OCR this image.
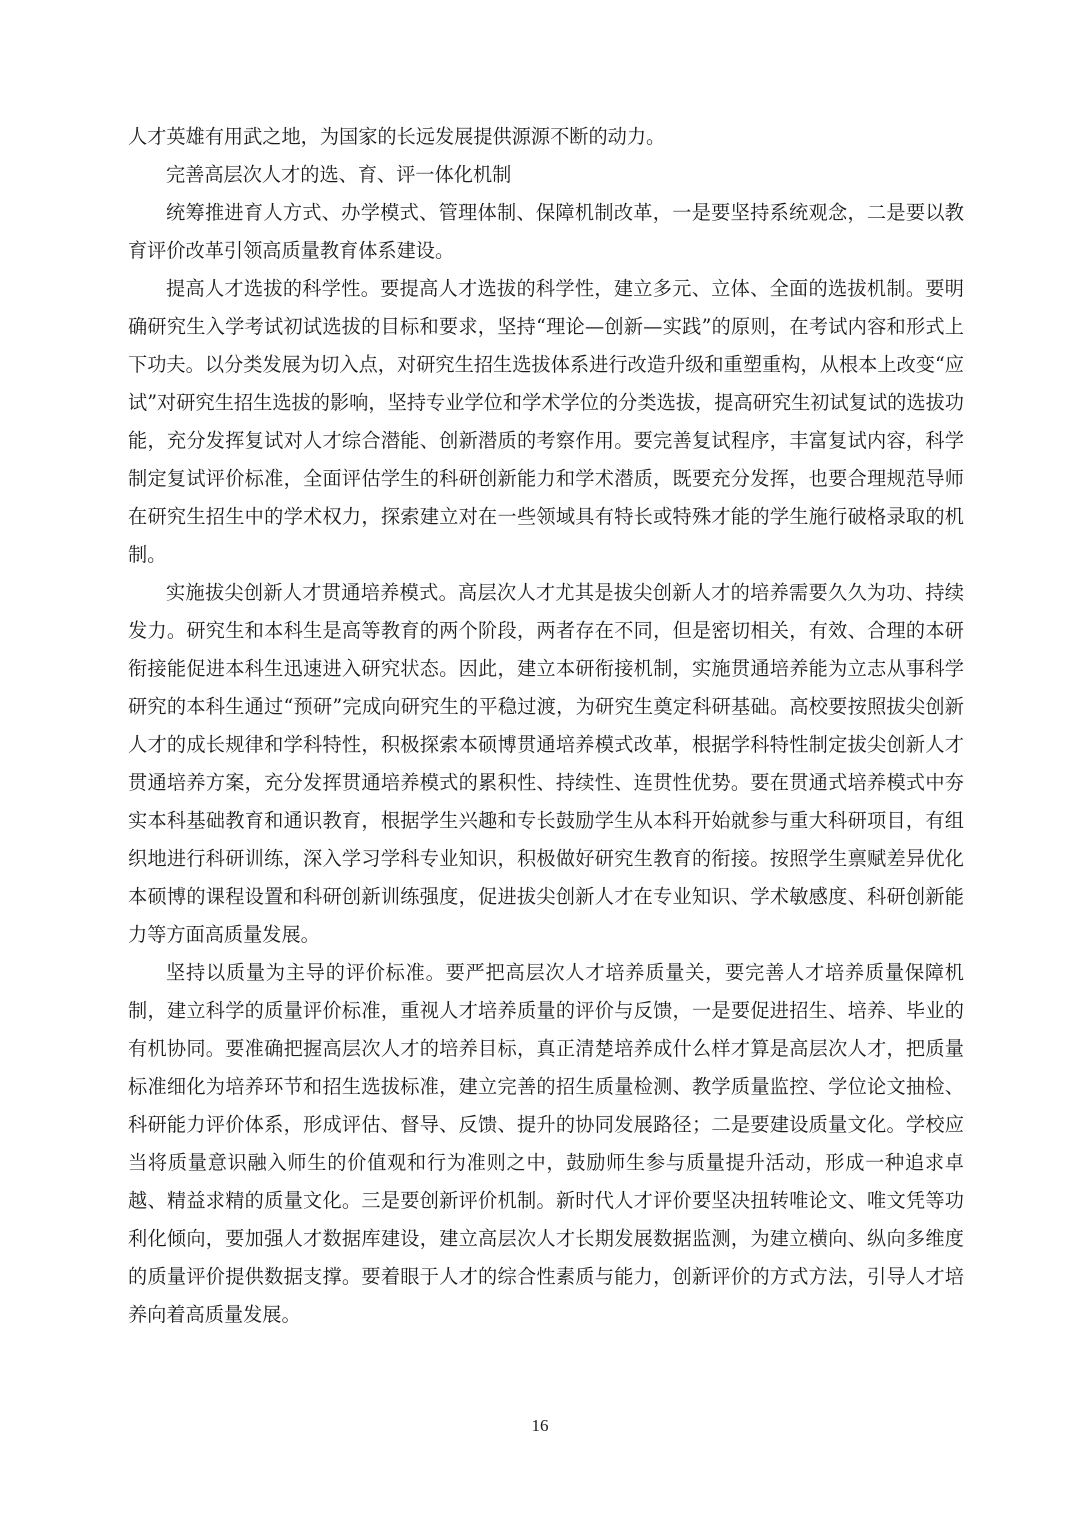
人才英雄有用武之地，为国家的长远发展提供源源不断的动力。

完善高层次人才的选、育、评一体化机制

统筹推进育人方式、办学模式、管理体制、保障机制改革，一是要坚持系统观念，二是要以教育评价改革引领高质量教育体系建设。

提高人才选拔的科学性。要提高人才选拔的科学性，建立多元、立体、全面的选拔机制。要明确研究生入学考试初试选拔的目标和要求，坚持“理论—创新—实践”的原则，在考试内容和形式上下功夫。以分类发展为切入点，对研究生招生选拔体系进行改造升级和重塑重构，从根本上改变“应试”对研究生招生选拔的影响，坚持专业学位和学术学位的分类选拔，提高研究生初试复试的选拔功能，充分发挥复试对人才综合潜能、创新潜质的考察作用。要完善复试程序，丰富复试内容，科学制定复试评价标准，全面评估学生的科研创新能力和学术潜质，既要充分发挥，也要合理规范导师在研究生招生中的学术权力，探索建立对在一些领域具有特长或特殊才能的学生施行破格录取的机制。

实施拔尖创新人才贯通培养模式。高层次人才尤其是拔尖创新人才的培养需要久久为功、持续发力。研究生和本科生是高等教育的两个阶段，两者存在不同，但是密切相关，有效、合理的本研衔接能促进本科生迅速进入研究状态。因此，建立本研衔接机制，实施贯通培养能为立志从事科学研究的本科生通过“预研”完成向研究生的平稳过渡，为研究生奠定科研基础。高校要按照拔尖创新人才的成长规律和学科特性，积极探索本硕博贯通培养模式改革，根据学科特性制定拔尖创新人才贯通培养方案，充分发挥贯通培养模式的累积性、持续性、连贯性优势。要在贯通式培养模式中夯实本科基础教育和通识教育，根据学生兴趣和专长鼓励学生从本科开始就参与重大科研项目，有组织地进行科研训练，深入学习学科专业知识，积极做好研究生教育的衔接。按照学生禀赋差异优化本硕博的课程设置和科研创新训练强度，促进拔尖创新人才在专业知识、学术敏感度、科研创新能力等方面高质量发展。

坚持以质量为主导的评价标准。要严把高层次人才培养质量关，要完善人才培养质量保障机制，建立科学的质量评价标准，重视人才培养质量的评价与反馈，一是要促进招生、培养、毕业的有机协同。要准确把握高层次人才的培养目标，真正清楚培养成什么样才算是高层次人才，把质量标准细化为培养环节和招生选拔标准，建立完善的招生质量检测、教学质量监控、学位论文抽检、科研能力评价体系，形成评估、督导、反馈、提升的协同发展路径；二是要建设质量文化。学校应当将质量意识融入师生的价值观和行为准则之中，鼓励师生参与质量提升活动，形成一种追求卓越、精益求精的质量文化。三是要创新评价机制。新时代人才评价要坚决扭转唯论文、唯文凭等功利化倾向，要加强人才数据库建设，建立高层次人才长期发展数据监测，为建立横向、纵向多维度的质量评价提供数据支撑。要着眼于人才的综合性素质与能力，创新评价的方式方法，引导人才培养向着高质量发展。

16
